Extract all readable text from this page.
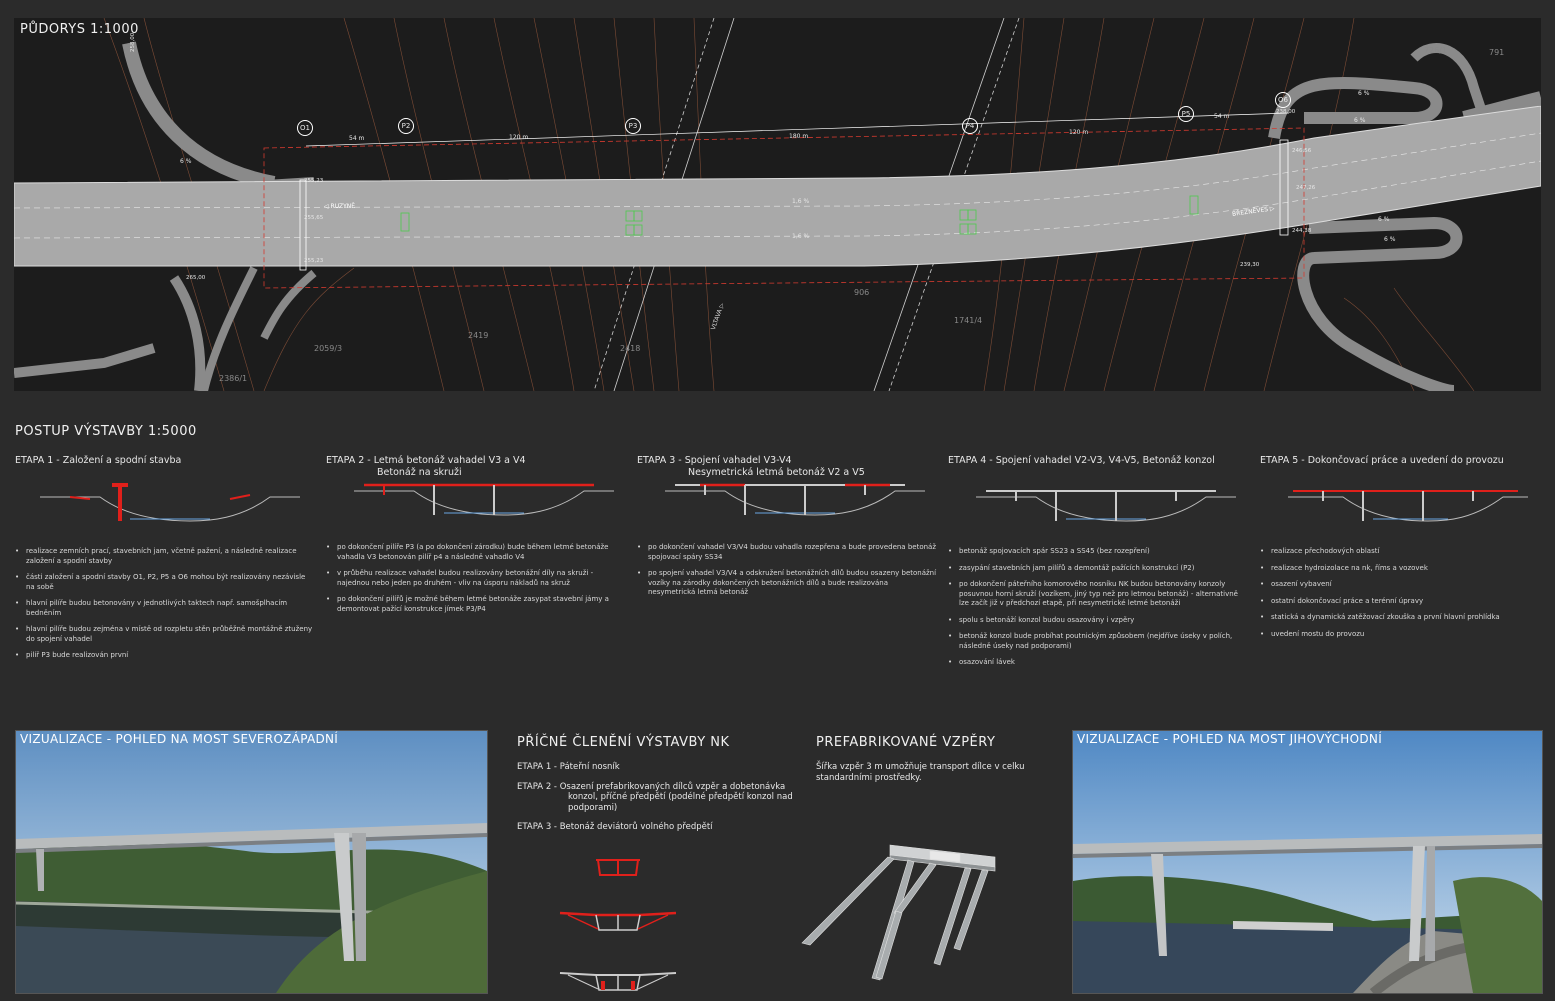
PŮDORYS 1:1000
O1	P2	P3	P4
P5
O6
54 m	120 m	180 m
120 m
54 m
◁ RUZYNĚ	BŘEZNĚVES ▷
VLTAVA ▷
1,6 %
1,6 %
6 %
6 %
6 %
6 %
6 %
258,00
255,23
255,65
255,23
265,00
238,00
247,26
244,38
239,30
246,56
726/1	791
906
2418
2419
2059/3
1741/4
2386/1
POSTUP VÝSTAVBY 1:5000
ETAPA 1 - Založení a spodní stavba
• realizace zemních prací, stavebních jam, včetně pažení, a následně realizace založení a spodní stavby
• části založení a spodní stavby O1, P2, P5 a O6 mohou být realizovány nezávisle na sobě
• hlavní pilíře budou betonovány v jednotlivých taktech např. samošplhacím bedněním
• hlavní pilíře budou zejména v místě od rozpletu stěn průběžně montážně ztuženy do spojení vahadel
• pilíř P3 bude realizován první
ETAPA 2 - Letmá betonáž vahadel V3 a V4
Betonáž na skruži
• po dokončení pilíře P3 (a po dokončení zárodku) bude během letmé betonáže vahadla V3 betonován pilíř p4 a následně vahadlo V4
• v průběhu realizace vahadel budou realizovány betonážní díly na skruži - najednou nebo jeden po druhém - vliv na úsporu nákladů na skruž
• po dokončení pilířů je možné během letmé betonáže zasypat stavební jámy a demontovat pažící konstrukce jímek P3/P4
ETAPA 3 - Spojení vahadel V3-V4
Nesymetrická letmá betonáž V2 a V5
• po dokončení vahadel V3/V4 budou vahadla rozepřena a bude provedena betonáž spojovací spáry SS34
• po spojení vahadel V3/V4 a odskružení betonážních dílů budou osazeny betonážní vozíky na zárodky dokončených betonážních dílů a bude realizována nesymetrická letmá betonáž
ETAPA 4 - Spojení vahadel V2-V3, V4-V5, Betonáž konzol
• betonáž spojovacích spár SS23 a SS45 (bez rozepření)
• zasypání stavebních jam pilířů a demontáž pažících konstrukcí (P2)
• po dokončení páteřního komorového nosníku NK budou betonovány konzoly posuvnou horní skruží (vozíkem, jiný typ než pro letmou betonáž) - alternativně lze začít již v předchozí etapě, při nesymetrické letmé betonáži
• spolu s betonáží konzol budou osazovány i vzpěry
• betonáž konzol bude probíhat poutnickým způsobem (nejdříve úseky v polích, následně úseky nad podporami)
• osazování lávek
ETAPA 5 - Dokončovací práce a uvedení do provozu
• realizace přechodových oblastí
• realizace hydroizolace na nk, říms a vozovek
• osazení vybavení
• ostatní dokončovací práce a terénní úpravy
• statická a dynamická zatěžovací zkouška a první hlavní prohlídka
• uvedení mostu do provozu
VIZUALIZACE - POHLED NA MOST SEVEROZÁPADNÍ	PŘÍČNÉ ČLENĚNÍ VÝSTAVBY NK
ETAPA 1 - Páteřní nosník
ETAPA 2 - Osazení prefabrikovaných dílců vzpěr a dobetonávka konzol, příčné předpětí (podélné předpětí konzol nad podporami)
ETAPA 3 - Betonáž deviátorů volného předpětí
PREFABRIKOVANÉ VZPĚRY
Šířka vzpěr 3 m umožňuje transport dílce v celku standardními prostředky.
VIZUALIZACE - POHLED NA MOST JIHOVÝCHODNÍ
